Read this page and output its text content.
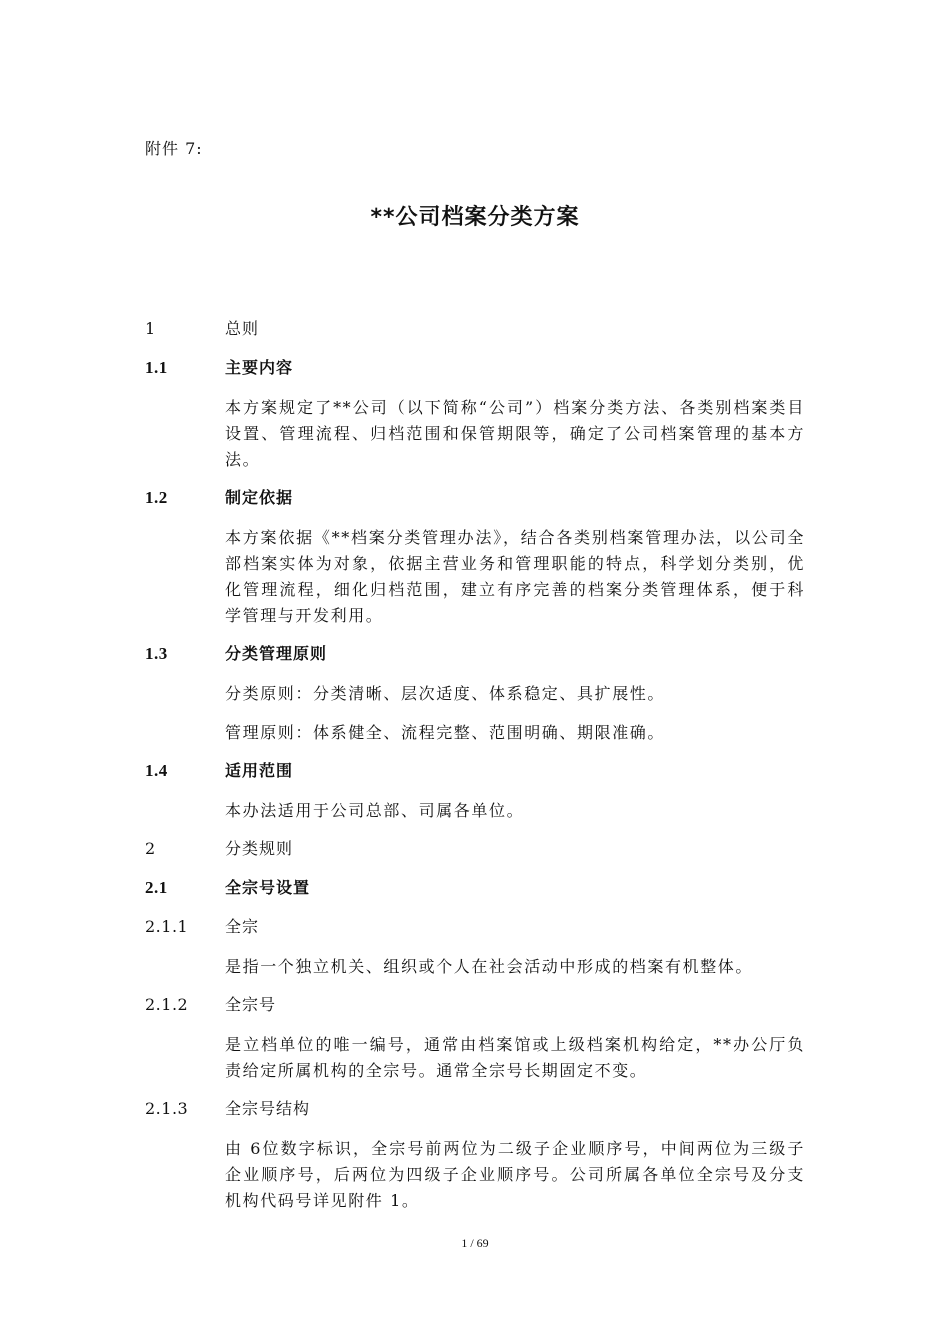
附件 7:
**公司档案分类方案
1	总则
1.1	主要内容
本方案规定了**公司（以下简称“公司”）档案分类方法、各类别档案类目设置、管理流程、归档范围和保管期限等，确定了公司档案管理的基本方法。
1.2	制定依据
本方案依据《**档案分类管理办法》，结合各类别档案管理办法，以公司全部档案实体为对象，依据主营业务和管理职能的特点，科学划分类别，优化管理流程，细化归档范围，建立有序完善的档案分类管理体系，便于科学管理与开发利用。
1.3	分类管理原则
分类原则：分类清晰、层次适度、体系稳定、具扩展性。
管理原则：体系健全、流程完整、范围明确、期限准确。
1.4	适用范围
本办法适用于公司总部、司属各单位。
2	分类规则
2.1	全宗号设置
2.1.1 全宗
是指一个独立机关、组织或个人在社会活动中形成的档案有机整体。
2.1.2 全宗号
是立档单位的唯一编号，通常由档案馆或上级档案机构给定，**办公厅负责给定所属机构的全宗号。通常全宗号长期固定不变。
2.1.3 全宗号结构
由 6位数字标识，全宗号前两位为二级子企业顺序号，中间两位为三级子企业顺序号，后两位为四级子企业顺序号。公司所属各单位全宗号及分支机构代码号详见附件 1。
1 / 69
